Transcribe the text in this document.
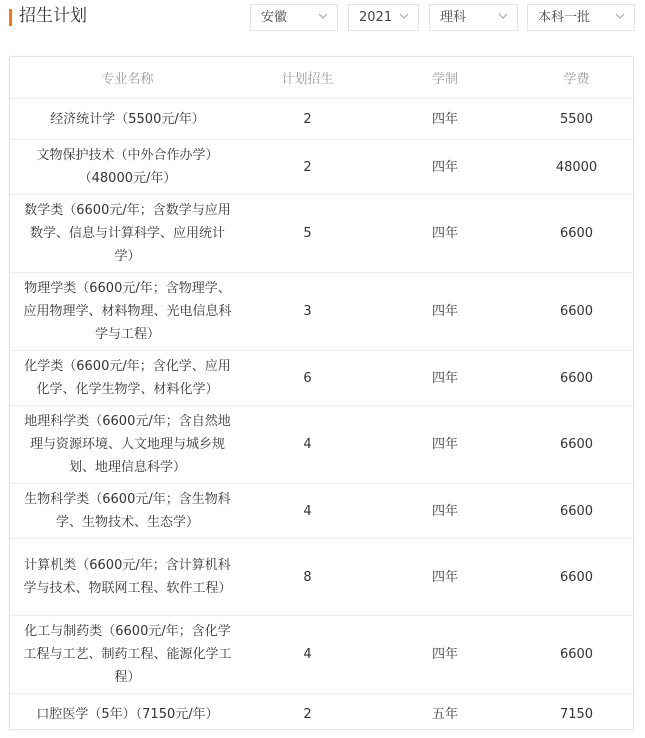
招生计划	安徽	2021	理科	本科一批
专业名称	计划招生	学制	学费
经济统计学（5500元/年）	2	四年	5500
文物保护技术（中外合作办学）（48000元/年）	2	四年	48000
数学类（6600元/年；含数学与应用数学、信息与计算科学、应用统计学）	5	四年	6600
物理学类（6600元/年；含物理学、应用物理学、材料物理、光电信息科学与工程）	3	四年	6600
化学类（6600元/年；含化学、应用化学、化学生物学、材料化学）	6	四年	6600
地理科学类（6600元/年；含自然地理与资源环境、人文地理与城乡规划、地理信息科学）	4	四年	6600
生物科学类（6600元/年；含生物科学、生物技术、生态学）	4	四年	6600
计算机类（6600元/年；含计算机科学与技术、物联网工程、软件工程）	8	四年	6600
化工与制药类（6600元/年；含化学工程与工艺、制药工程、能源化学工程）	4	四年	6600
口腔医学（5年）（7150元/年）	2	五年	7150
